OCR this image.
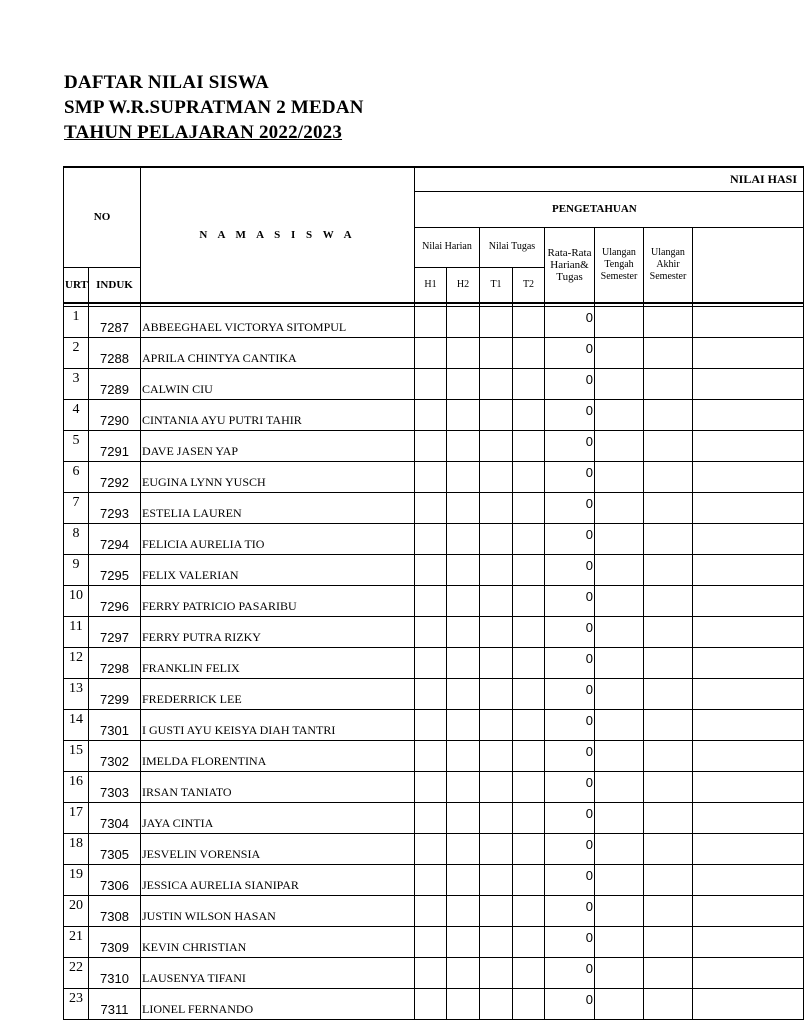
DAFTAR NILAI SISWA
SMP W.R.SUPRATMAN 2 MEDAN
TAHUN PELAJARAN 2022/2023
NO		N A M A S I S W A	NILAI HASI							
			PENGETAHUAN							
			Nilai Harian		Nilai Tugas		Rata-Rata Harian& Tugas	Ulangan Tengah Semester	Ulangan Akhir Semester	
URT	INDUK		H1	H2	T1	T2				

1	7287	ABBEEGHAEL VICTORYA SITOMPUL					0			
2	7288	APRILA CHINTYA CANTIKA					0			
3	7289	CALWIN CIU					0			
4	7290	CINTANIA AYU PUTRI TAHIR					0			
5	7291	DAVE JASEN YAP					0			
6	7292	EUGINA LYNN YUSCH					0			
7	7293	ESTELIA LAUREN					0			
8	7294	FELICIA AURELIA TIO					0			
9	7295	FELIX VALERIAN					0			
10	7296	FERRY PATRICIO PASARIBU					0			
11	7297	FERRY PUTRA RIZKY					0			
12	7298	FRANKLIN FELIX					0			
13	7299	FREDERRICK LEE					0			
14	7301	I GUSTI AYU KEISYA DIAH TANTRI					0			
15	7302	IMELDA FLORENTINA					0			
16	7303	IRSAN TANIATO					0			
17	7304	JAYA CINTIA					0			
18	7305	JESVELIN VORENSIA					0			
19	7306	JESSICA AURELIA SIANIPAR					0			
20	7308	JUSTIN WILSON HASAN					0			
21	7309	KEVIN CHRISTIAN					0			
22	7310	LAUSENYA TIFANI					0			
23	7311	LIONEL FERNANDO					0			
